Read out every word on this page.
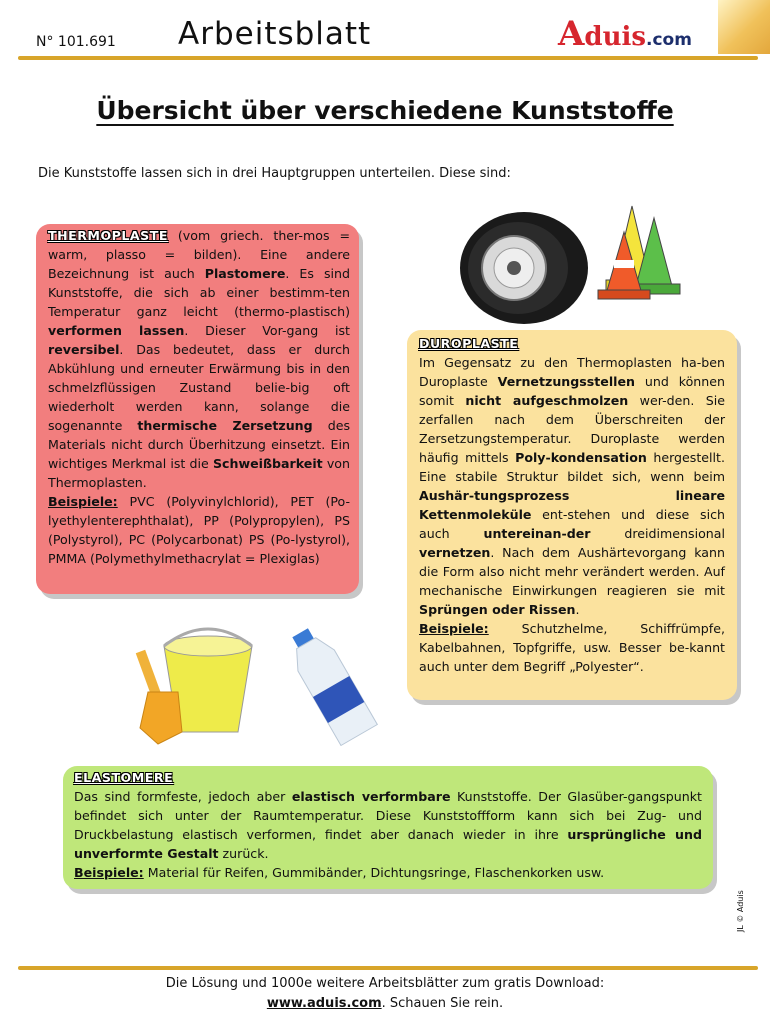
N° 101.691 Arbeitsblatt	Aduis.com
Übersicht über verschiedene Kunststoffe
Die Kunststoffe lassen sich in drei Hauptgruppen unterteilen. Diese sind:
THERMOPLASTE (vom griech. ther-mos = warm, plasso = bilden). Eine andere Bezeichnung ist auch Plastomere. Es sind Kunststoffe, die sich ab einer bestimm-ten Temperatur ganz leicht (thermo-plastisch) verformen lassen. Dieser Vor-gang ist reversibel. Das bedeutet, dass er durch Abkühlung und erneuter Erwärmung bis in den schmelzflüssigen Zustand belie-big oft wiederholt werden kann, solange die sogenannte thermische Zersetzung des Materials nicht durch Überhitzung einsetzt. Ein wichtiges Merkmal ist die Schweißbarkeit von Thermoplasten.
Beispiele: PVC (Polyvinylchlorid), PET (Po-lyethylenterephthalat), PP (Polypropylen), PS (Polystyrol), PC (Polycarbonat) PS (Po-lystyrol), PMMA (Polymethylmethacrylat = Plexiglas)
DUROPLASTE
Im Gegensatz zu den Thermoplasten ha-ben Duroplaste Vernetzungsstellen und können somit nicht aufgeschmolzen wer-den. Sie zerfallen nach dem Überschreiten der Zersetzungstemperatur. Duroplaste werden häufig mittels Poly-kondensation hergestellt. Eine stabile Struktur bildet sich, wenn beim Aushär-tungsprozess lineare Kettenmoleküle ent-stehen und diese sich auch untereinan-der dreidimensional vernetzen. Nach dem Aushärtevorgang kann die Form also nicht mehr verändert werden. Auf mechanische Einwirkungen reagieren sie mit Sprüngen oder Rissen.
Beispiele: Schutzhelme, Schiffrümpfe, Kabelbahnen, Topfgriffe, usw. Besser be-kannt auch unter dem Begriff „Polyester“.
ELASTOMERE
Das sind formfeste, jedoch aber elastisch verformbare Kunststoffe. Der Glasüber-gangspunkt befindet sich unter der Raumtemperatur. Diese Kunststoffform kann sich bei Zug- und Druckbelastung elastisch verformen, findet aber danach wieder in ihre ursprüngliche und unverformte Gestalt zurück.
Beispiele: Material für Reifen, Gummibänder, Dichtungsringe, Flaschenkorken usw.
JL © Aduis
Die Lösung und 1000e weitere Arbeitsblätter zum gratis Download:
www.aduis.com. Schauen Sie rein.
